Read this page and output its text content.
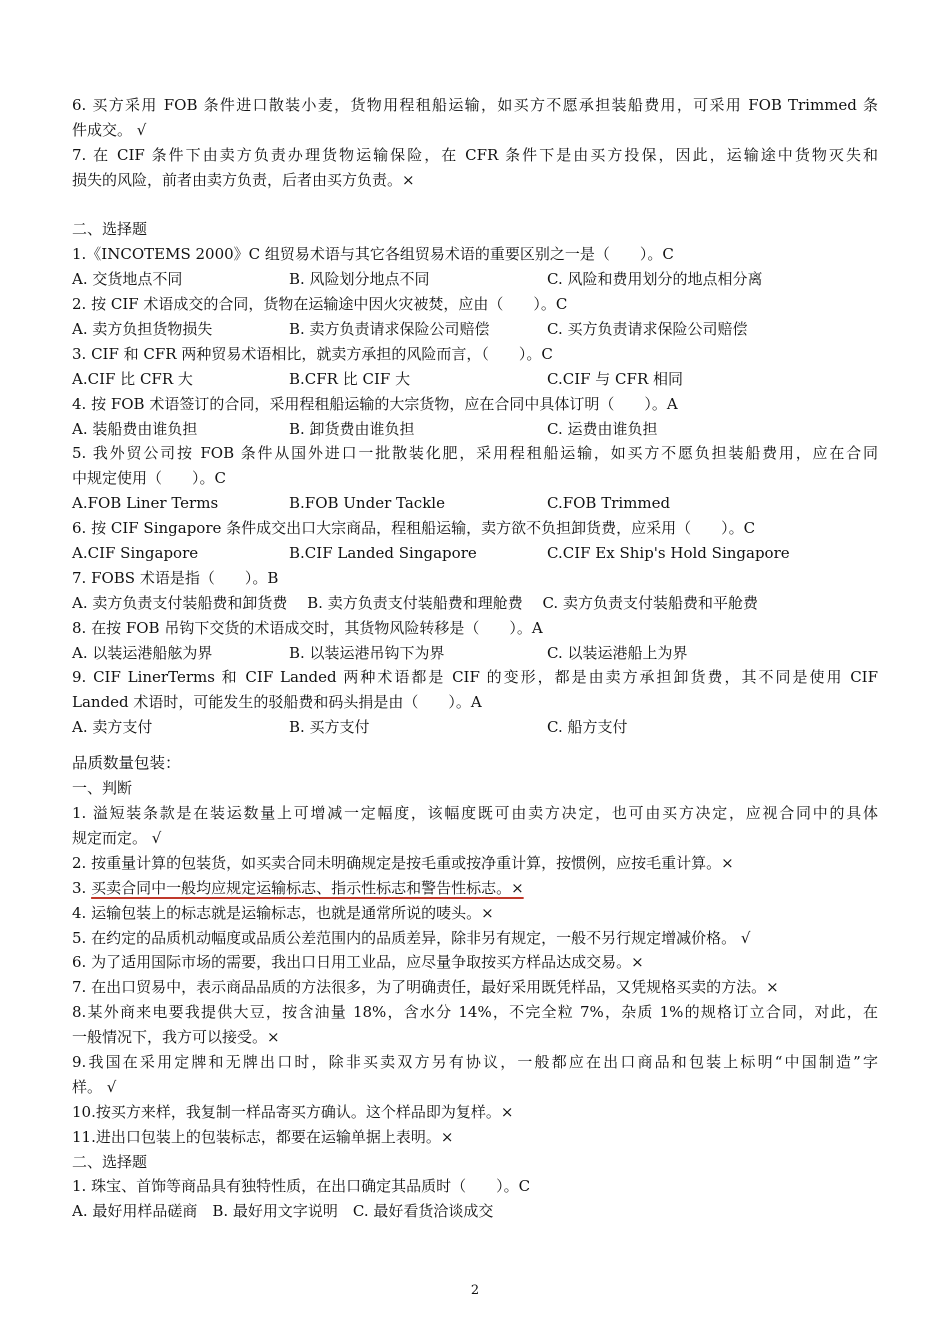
6. 买方采用 FOB 条件进口散装小麦，货物用程租船运输，如买方不愿承担装船费用，可采用 FOB Trimmed 条
件成交。 √
7. 在 CIF 条件下由卖方负责办理货物运输保险，在 CFR 条件下是由买方投保，因此，运输途中货物灭失和
损失的风险，前者由卖方负责，后者由买方负责。×
二、选择题
1.《INCOTEMS 2000》C 组贸易术语与其它各组贸易术语的重要区别之一是（　　）。C
A. 交货地点不同	B. 风险划分地点不同	C. 风险和费用划分的地点相分离
2. 按 CIF 术语成交的合同，货物在运输途中因火灾被焚，应由（　　）。C
A. 卖方负担货物损失	B. 卖方负责请求保险公司赔偿	C. 买方负责请求保险公司赔偿
3. CIF 和 CFR 两种贸易术语相比，就卖方承担的风险而言，（　　）。C
A.CIF 比 CFR 大	B.CFR 比 CIF 大	C.CIF 与 CFR 相同
4. 按 FOB 术语签订的合同，采用程租船运输的大宗货物，应在合同中具体订明（　　）。A
A. 装船费由谁负担	B. 卸货费由谁负担	C. 运费由谁负担
5. 我外贸公司按 FOB 条件从国外进口一批散装化肥，采用程租船运输，如买方不愿负担装船费用，应在合同
中规定使用（　　）。C
A.FOB Liner Terms	B.FOB Under Tackle	C.FOB Trimmed
6. 按 CIF Singapore 条件成交出口大宗商品，程租船运输，卖方欲不负担卸货费，应采用（　　）。C
A.CIF Singapore	B.CIF Landed Singapore	C.CIF Ex Ship's Hold Singapore
7. FOBS 术语是指（　　）。B
A. 卖方负责支付装船费和卸货费　 B. 卖方负责支付装船费和理舱费　 C. 卖方负责支付装船费和平舱费
8. 在按 FOB 吊钩下交货的术语成交时，其货物风险转移是（　　）。A
A. 以装运港船舷为界	B. 以装运港吊钩下为界	C. 以装运港船上为界
9. CIF LinerTerms 和 CIF Landed 两种术语都是 CIF 的变形，都是由卖方承担卸货费，其不同是使用 CIF
Landed 术语时，可能发生的驳船费和码头捐是由（　　）。A
A. 卖方支付	B. 买方支付	C. 船方支付
品质数量包装：
一、判断
1. 溢短装条款是在装运数量上可增减一定幅度，该幅度既可由卖方决定，也可由买方决定，应视合同中的具体
规定而定。 √
2. 按重量计算的包装货，如买卖合同未明确规定是按毛重或按净重计算，按惯例，应按毛重计算。×
3. 买卖合同中一般均应规定运输标志、指示性标志和警告性标志。×
4. 运输包装上的标志就是运输标志，也就是通常所说的唛头。×
5. 在约定的品质机动幅度或品质公差范围内的品质差异，除非另有规定，一般不另行规定增减价格。 √
6. 为了适用国际市场的需要，我出口日用工业品，应尽量争取按买方样品达成交易。×
7. 在出口贸易中，表示商品品质的方法很多，为了明确责任，最好采用既凭样品，又凭规格买卖的方法。×
8.某外商来电要我提供大豆，按含油量 18%，含水分 14%，不完全粒 7%，杂质 1%的规格订立合同，对此，在
一般情况下，我方可以接受。×
9.我国在采用定牌和无牌出口时，除非买卖双方另有协议，一般都应在出口商品和包装上标明“中国制造”字
样。 √
10.按买方来样，我复制一样品寄买方确认。这个样品即为复样。×
11.进出口包装上的包装标志，都要在运输单据上表明。×
二、选择题
1. 珠宝、首饰等商品具有独特性质，在出口确定其品质时（　　）。C
A. 最好用样品磋商　B. 最好用文字说明　C. 最好看货洽谈成交
2
